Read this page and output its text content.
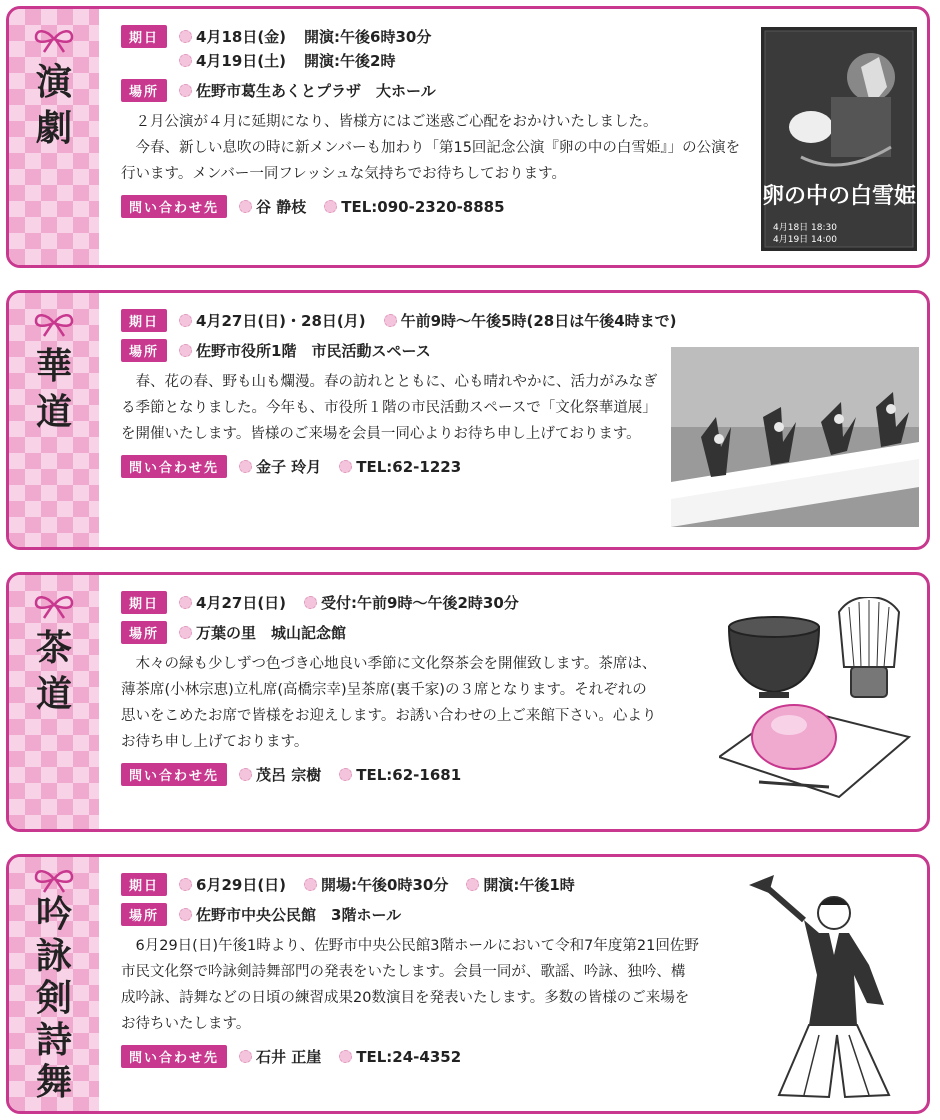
演
劇
期日	4月18日(金) 開演:午後6時30分
4月19日(土) 開演:午後2時
場所	佐野市葛生あくとプラザ　大ホール
　２月公演が４月に延期になり、皆様方にはご迷惑ご心配をおかけいたしました。
　今春、新しい息吹の時に新メンバーも加わり「第15回記念公演『卵の中の白雪姫』」の公演を行います。メンバー一同フレッシュな気持ちでお待ちしております。
問い合わせ先	谷 静枝 TEL:090-2320-8885	卵の中の白雪姫
4月18日 18:30
4月19日 14:00
華
道
期日	4月27日(日)・28日(月) 午前9時〜午後5時(28日は午後4時まで)
場所	佐野市役所1階　市民活動スペース
　春、花の春、野も山も爛漫。春の訪れとともに、心も晴れやかに、活力がみなぎる季節となりました。今年も、市役所１階の市民活動スペースで「文化祭華道展」を開催いたします。皆様のご来場を会員一同心よりお待ち申し上げております。
問い合わせ先	金子 玲月 TEL:62-1223
茶
道
期日	4月27日(日) 受付:午前9時〜午後2時30分
場所	万葉の里　城山記念館
　木々の緑も少しずつ色づき心地良い季節に文化祭茶会を開催致します。茶席は、薄茶席(小林宗恵)立札席(高橋宗幸)呈茶席(裏千家)の３席となります。それぞれの思いをこめたお席で皆様をお迎えします。お誘い合わせの上ご来館下さい。心よりお待ち申し上げております。
問い合わせ先	茂呂 宗樹 TEL:62-1681
吟
詠
剣
詩
舞
期日	6月29日(日) 開場:午後0時30分 開演:午後1時
場所	佐野市中央公民館　3階ホール
　6月29日(日)午後1時より、佐野市中央公民館3階ホールにおいて令和7年度第21回佐野市民文化祭で吟詠剣詩舞部門の発表をいたします。会員一同が、歌謡、吟詠、独吟、構成吟詠、詩舞などの日頃の練習成果20数演目を発表いたします。多数の皆様のご来場をお待ちいたします。
問い合わせ先	石井 正崖 TEL:24-4352
